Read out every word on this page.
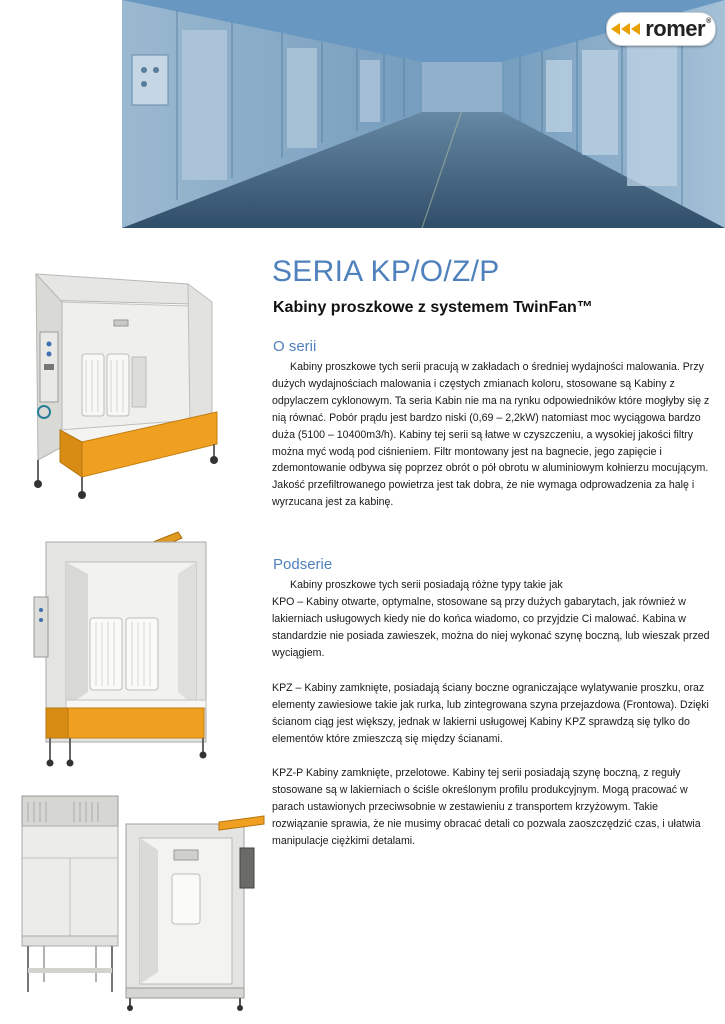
romer®
SERIA KP/O/Z/P
Kabiny proszkowe z systemem TwinFan™
O serii

Kabiny proszkowe tych serii pracują w zakładach o średniej wydajności malowania. Przy dużych wydajnościach malowania i częstych zmianach koloru, stosowane są Kabiny z odpylaczem cyklonowym. Ta seria Kabin nie ma na rynku odpowiedników które mogłyby się z nią równać. Pobór prądu jest bardzo niski (0,69 – 2,2kW) natomiast moc wyciągowa bardzo duża (5100 – 10400m3/h). Kabiny tej serii są łatwe w czyszczeniu, a wysokiej jakości filtry można myć wodą pod ciśnieniem. Filtr montowany jest na bagnecie, jego zapięcie i zdemontowanie odbywa się poprzez obrót o pół obrotu w aluminiowym kołnierzu mocującym. Jakość przefiltrowanego powietrza jest tak dobra, że nie wymaga odprowadzenia za halę i wyrzucana jest za kabinę.

Podserie

Kabiny proszkowe tych serii posiadają różne typy takie jak
KPO – Kabiny otwarte, optymalne, stosowane są przy dużych gabarytach, jak również w lakierniach usługowych kiedy nie do końca wiadomo, co przyjdzie Ci malować. Kabina w standardzie nie posiada zawieszek, można do niej wykonać szynę boczną, lub wieszak przed wyciągiem.

KPZ – Kabiny zamknięte, posiadają ściany boczne ograniczające wylatywanie proszku, oraz elementy zawiesiowe takie jak rurka, lub zintegrowana szyna przejazdowa (Frontowa). Dzięki ścianom ciąg jest większy, jednak w lakierni usługowej Kabiny KPZ sprawdzą się tylko do elementów które zmieszczą się między ścianami.

KPZ-P Kabiny zamknięte, przelotowe. Kabiny tej serii posiadają szynę boczną, z reguły stosowane są w lakierniach o ściśle określonym profilu produkcyjnym. Mogą pracować w parach ustawionych przeciwsobnie w zestawieniu z transportem krzyżowym. Takie rozwiązanie sprawia, że nie musimy obracać detali co pozwala zaoszczędzić czas, i ułatwia manipulacje ciężkimi detalami.
